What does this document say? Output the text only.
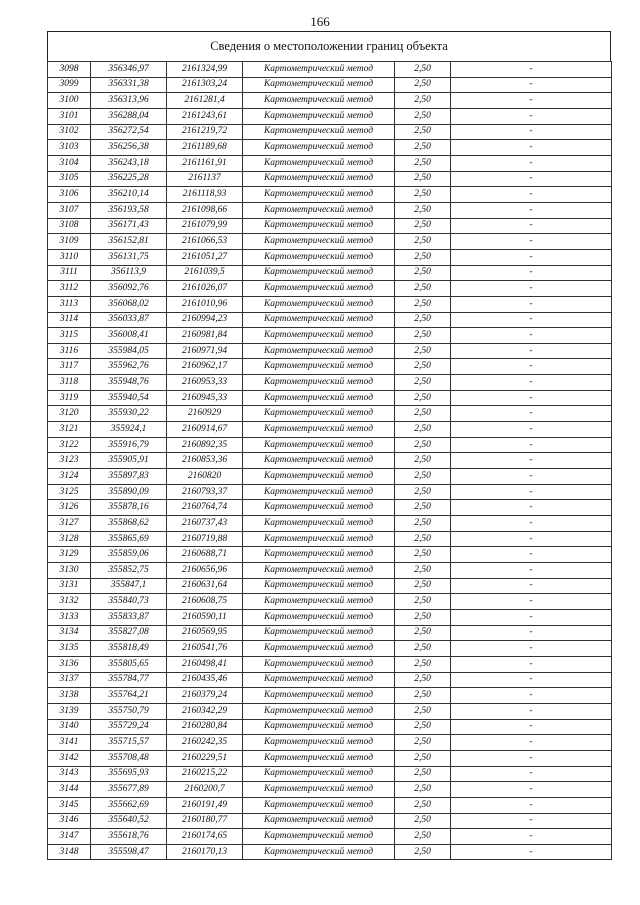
166
Сведения о местоположении границ объекта
3098	356346,97	2161324,99	Картометрический метод	2,50	-
3099	356331,38	2161303,24	Картометрический метод	2,50	-
3100	356313,96	2161281,4	Картометрический метод	2,50	-
3101	356288,04	2161243,61	Картометрический метод	2,50	-
3102	356272,54	2161219,72	Картометрический метод	2,50	-
3103	356256,38	2161189,68	Картометрический метод	2,50	-
3104	356243,18	2161161,91	Картометрический метод	2,50	-
3105	356225,28	2161137	Картометрический метод	2,50	-
3106	356210,14	2161118,93	Картометрический метод	2,50	-
3107	356193,58	2161098,66	Картометрический метод	2,50	-
3108	356171,43	2161079,99	Картометрический метод	2,50	-
3109	356152,81	2161066,53	Картометрический метод	2,50	-
3110	356131,75	2161051,27	Картометрический метод	2,50	-
3111	356113,9	2161039,5	Картометрический метод	2,50	-
3112	356092,76	2161026,07	Картометрический метод	2,50	-
3113	356068,02	2161010,96	Картометрический метод	2,50	-
3114	356033,87	2160994,23	Картометрический метод	2,50	-
3115	356008,41	2160981,84	Картометрический метод	2,50	-
3116	355984,05	2160971,94	Картометрический метод	2,50	-
3117	355962,76	2160962,17	Картометрический метод	2,50	-
3118	355948,76	2160953,33	Картометрический метод	2,50	-
3119	355940,54	2160945,33	Картометрический метод	2,50	-
3120	355930,22	2160929	Картометрический метод	2,50	-
3121	355924,1	2160914,67	Картометрический метод	2,50	-
3122	355916,79	2160892,35	Картометрический метод	2,50	-
3123	355905,91	2160853,36	Картометрический метод	2,50	-
3124	355897,83	2160820	Картометрический метод	2,50	-
3125	355890,09	2160793,37	Картометрический метод	2,50	-
3126	355878,16	2160764,74	Картометрический метод	2,50	-
3127	355868,62	2160737,43	Картометрический метод	2,50	-
3128	355865,69	2160719,88	Картометрический метод	2,50	-
3129	355859,06	2160688,71	Картометрический метод	2,50	-
3130	355852,75	2160656,96	Картометрический метод	2,50	-
3131	355847,1	2160631,64	Картометрический метод	2,50	-
3132	355840,73	2160608,75	Картометрический метод	2,50	-
3133	355833,87	2160590,11	Картометрический метод	2,50	-
3134	355827,08	2160569,95	Картометрический метод	2,50	-
3135	355818,49	2160541,76	Картометрический метод	2,50	-
3136	355805,65	2160498,41	Картометрический метод	2,50	-
3137	355784,77	2160435,46	Картометрический метод	2,50	-
3138	355764,21	2160379,24	Картометрический метод	2,50	-
3139	355750,79	2160342,29	Картометрический метод	2,50	-
3140	355729,24	2160280,84	Картометрический метод	2,50	-
3141	355715,57	2160242,35	Картометрический метод	2,50	-
3142	355708,48	2160229,51	Картометрический метод	2,50	-
3143	355695,93	2160215,22	Картометрический метод	2,50	-
3144	355677,89	2160200,7	Картометрический метод	2,50	-
3145	355662,69	2160191,49	Картометрический метод	2,50	-
3146	355640,52	2160180,77	Картометрический метод	2,50	-
3147	355618,76	2160174,65	Картометрический метод	2,50	-
3148	355598,47	2160170,13	Картометрический метод	2,50	-
